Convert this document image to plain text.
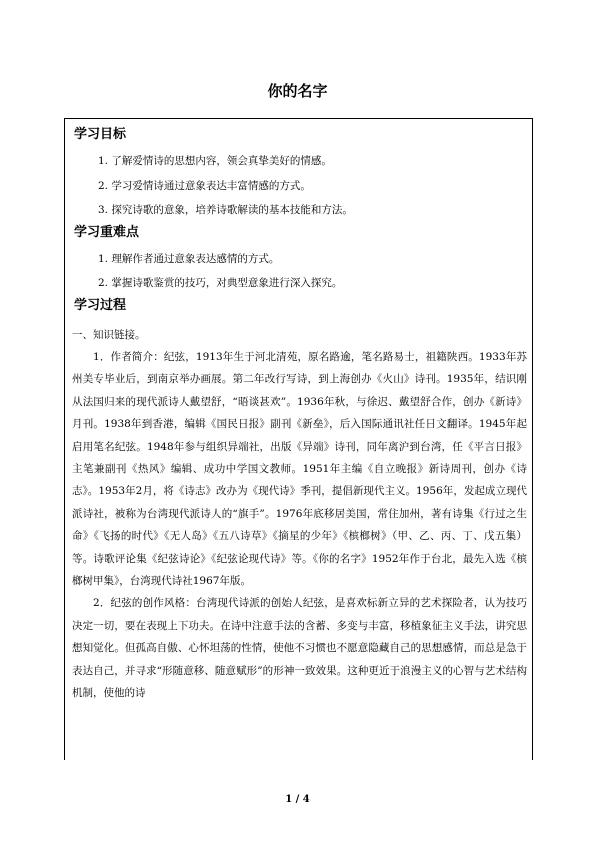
你的名字
学习目标
1. 了解爱情诗的思想内容，领会真挚美好的情感。
2. 学习爱情诗通过意象表达丰富情感的方式。
3. 探究诗歌的意象，培养诗歌解读的基本技能和方法。
学习重难点
1. 理解作者通过意象表达感情的方式。
2. 掌握诗歌鉴赏的技巧，对典型意象进行深入探究。
学习过程

一、知识链接。

1．作者简介：纪弦，1913年生于河北清苑，原名路逾，笔名路易士，祖籍陕西。1933年苏州美专毕业后，到南京举办画展。第二年改行写诗，到上海创办《火山》诗刊。1935年，结识刚从法国归来的现代派诗人戴望舒，“晤谈甚欢”。1936年秋，与徐迟、戴望舒合作，创办《新诗》月刊。1938年到香港，编辑《国民日报》副刊《新垒》，后入国际通讯社任日文翻译。1945年起启用笔名纪弦。1948年参与组织异端社，出版《异端》诗刊，同年离沪到台湾，任《平言日报》主笔兼副刊《热风》编辑、成功中学国文教师。1951年主编《自立晚报》新诗周刊，创办《诗志》。1953年2月，将《诗志》改办为《现代诗》季刊，提倡新现代主义。1956年，发起成立现代派诗社，被称为台湾现代派诗人的“旗手”。1976年底移居美国，常住加州，著有诗集《行过之生命》《飞扬的时代》《无人岛》《五八诗草》《摘星的少年》《槟榔树》（甲、乙、丙、丁、戊五集）等。诗歌评论集《纪弦诗论》《纪弦论现代诗》等。《你的名字》1952年作于台北，最先入选《槟榔树甲集》，台湾现代诗社1967年版。

2．纪弦的创作风格：台湾现代诗派的创始人纪弦，是喜欢标新立异的艺术探险者，认为技巧决定一切，要在表现上下功夫。在诗中注意手法的含蓄、多变与丰富，移植象征主义手法，讲究思想知觉化。但孤高自傲、心怀坦荡的性情，使他不习惯也不愿意隐藏自己的思想感情，而总是急于表达自己，并寻求“形随意移、随意赋形”的形神一致效果。这种更近于浪漫主义的心智与艺术结构机制，使他的诗

1 / 4
